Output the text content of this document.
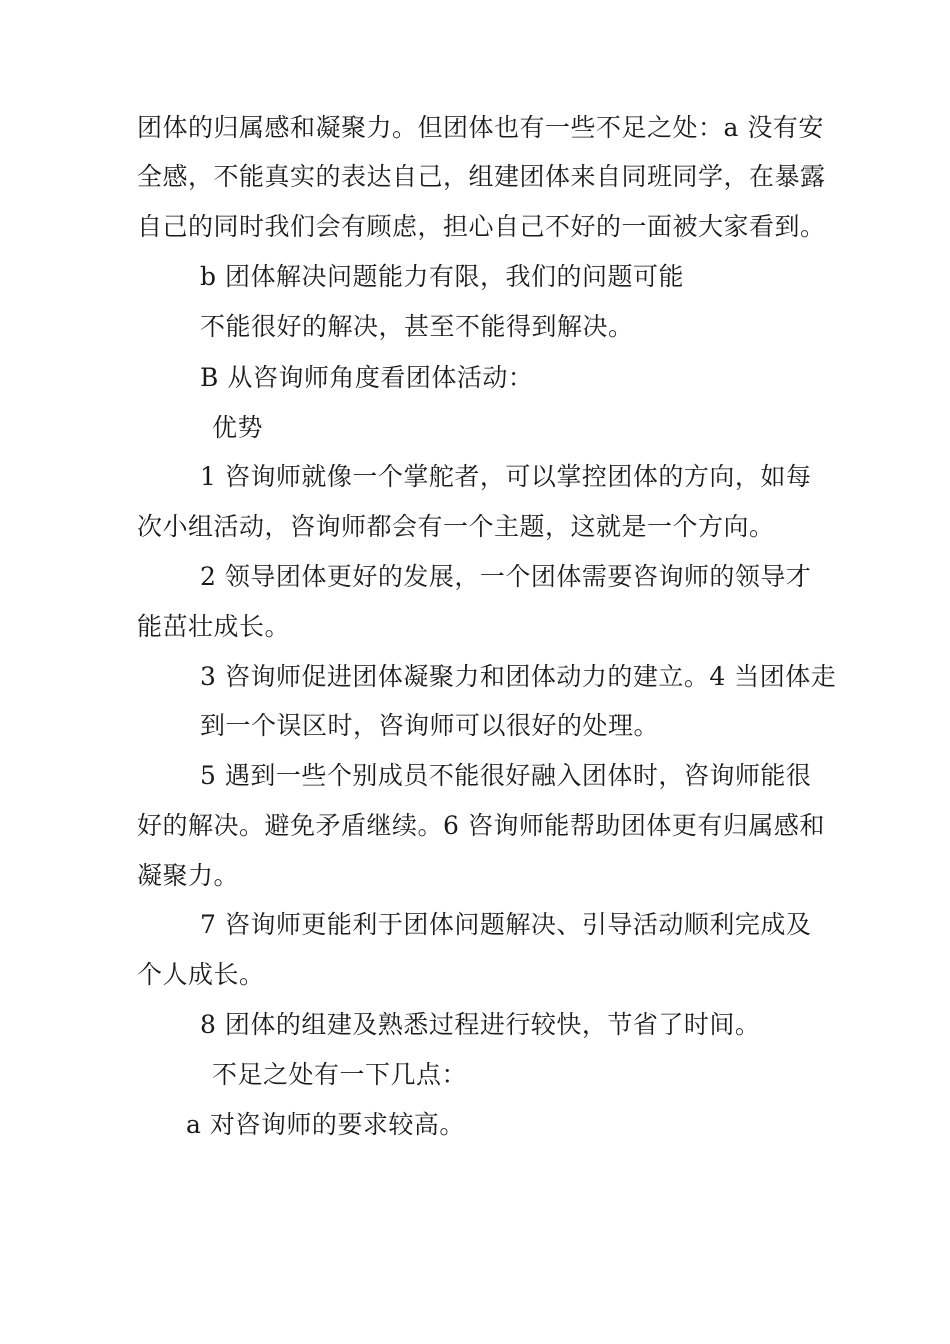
团体的归属感和凝聚力。但团体也有一些不足之处：a 没有安
全感，不能真实的表达自己，组建团体来自同班同学，在暴露
自己的同时我们会有顾虑，担心自己不好的一面被大家看到。
b 团体解决问题能力有限，我们的问题可能
不能很好的解决，甚至不能得到解决。
B 从咨询师角度看团体活动：
优势
1 咨询师就像一个掌舵者，可以掌控团体的方向，如每
次小组活动，咨询师都会有一个主题，这就是一个方向。
2 领导团体更好的发展，一个团体需要咨询师的领导才
能茁壮成长。
3 咨询师促进团体凝聚力和团体动力的建立。4 当团体走
到一个误区时，咨询师可以很好的处理。
5 遇到一些个别成员不能很好融入团体时，咨询师能很
好的解决。避免矛盾继续。6 咨询师能帮助团体更有归属感和
凝聚力。
7 咨询师更能利于团体问题解决、引导活动顺利完成及
个人成长。
8 团体的组建及熟悉过程进行较快，节省了时间。
不足之处有一下几点：
a 对咨询师的要求较高。
